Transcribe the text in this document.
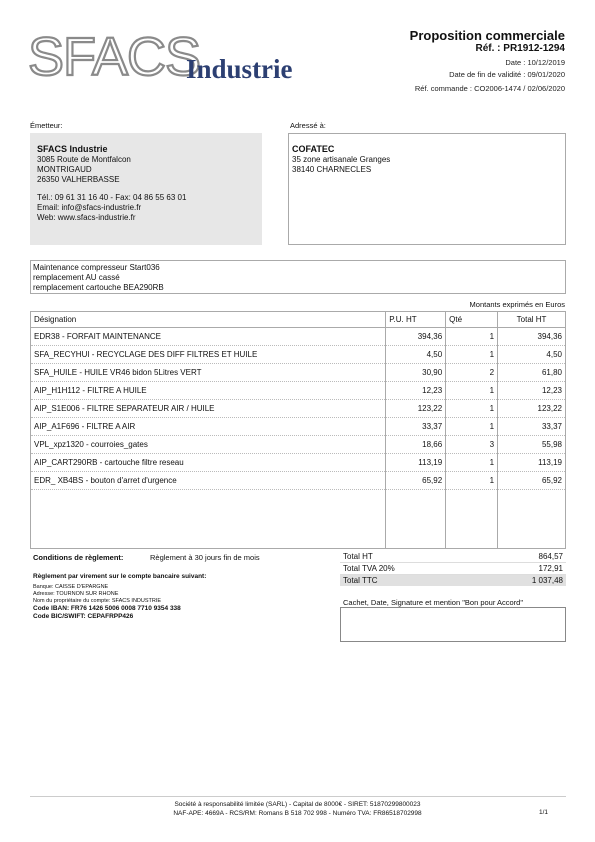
SFACS
Industrie
Proposition commerciale
Réf. : PR1912-1294
Date : 10/12/2019
Date de fin de validité : 09/01/2020
Réf. commande : CO2006-1474 / 02/06/2020
Émetteur:
SFACS Industrie
3085 Route de Montfalcon
MONTRIGAUD
26350 VALHERBASSE
Tél.: 09 61 31 16 40 - Fax: 04 86 55 63 01
Email: info@sfacs-industrie.fr
Web: www.sfacs-industrie.fr
Adressé à:
COFATEC
35 zone artisanale Granges
38140 CHARNECLES
Maintenance compresseur Start036
remplacement AU cassé
remplacement cartouche BEA290RB
Montants exprimés en Euros
Désignation	P.U. HT	Qté	Total HT
EDR38 - FORFAIT MAINTENANCE	394,36	1	394,36
SFA_RECYHUI - RECYCLAGE DES DIFF FILTRES ET HUILE	4,50	1	4,50
SFA_HUILE - HUILE VR46 bidon 5Litres VERT	30,90	2	61,80
AIP_H1H112 - FILTRE A HUILE	12,23	1	12,23
AIP_S1E006 - FILTRE SEPARATEUR AIR / HUILE	123,22	1	123,22
AIP_A1F696 - FILTRE A AIR	33,37	1	33,37
VPL_xpz1320 - courroies_gates	18,66	3	55,98
AIP_CART290RB - cartouche filtre reseau	113,19	1	113,19
EDR_ XB4BS - bouton d'arret d'urgence	65,92	1	65,92

Conditions de règlement:	Règlement à 30 jours fin de mois
Règlement par virement sur le compte bancaire suivant:
Banque: CAISSE D'EPARGNE
Adresse: TOURNON SUR RHONE
Nom du propriétaire du compte: SFACS INDUSTRIE
Code IBAN: FR76 1426 5006 0008 7710 9354 338
Code BIC/SWIFT: CEPAFRPP426
Total HT	864,57
Total TVA 20%	172,91
Total TTC	1 037,48
Cachet, Date, Signature et mention "Bon pour Accord"
Société à responsabilité limitée (SARL) - Capital de 8000€ - SIRET: 51870299800023
NAF-APE: 4669A - RCS/RM: Romans B 518 702 998 - Numéro TVA: FR86518702998	1/1
